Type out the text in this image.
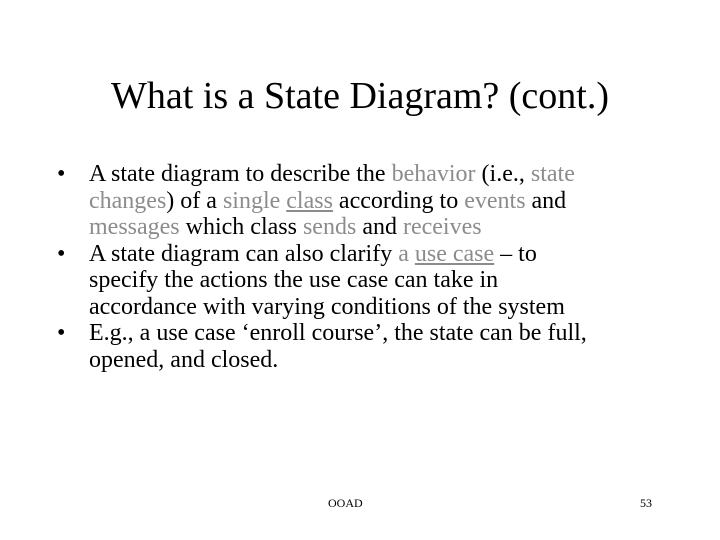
What is a State Diagram? (cont.)
• A state diagram to describe the behavior (i.e., state
changes) of a single class according to events and
messages which class sends and receives
• A state diagram can also clarify a use case – to
specify the actions the use case can take in
accordance with varying conditions of the system
• E.g., a use case ‘enroll course’, the state can be full,
opened, and closed.
OOAD	53
